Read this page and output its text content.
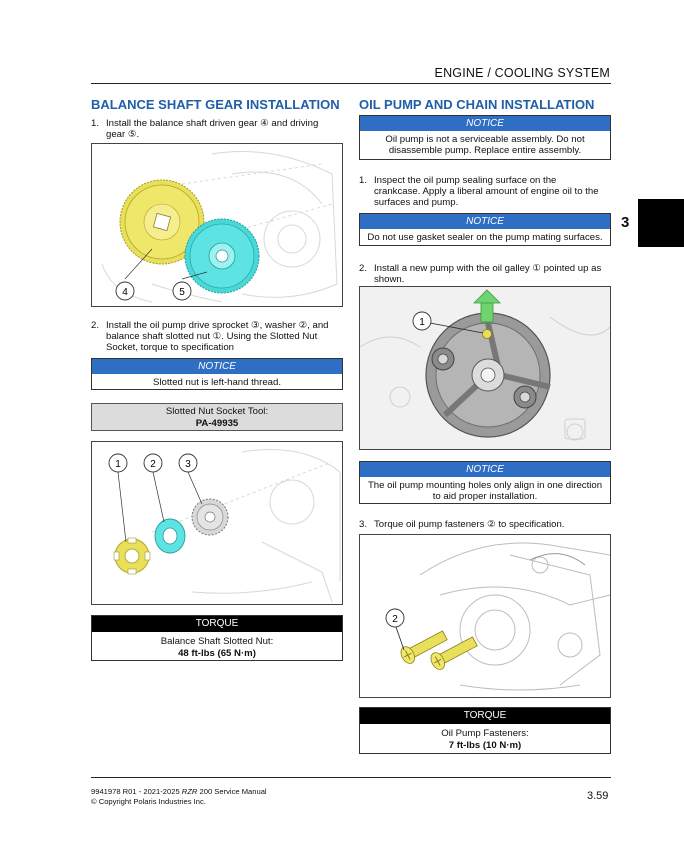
ENGINE / COOLING SYSTEM
3
BALANCE SHAFT GEAR INSTALLATION
1. Install the balance shaft driven gear ④ and driving
gear ⑤.
4	5
2. Install the oil pump drive sprocket ③, washer ②, and
balance shaft slotted nut ①. Using the Slotted Nut
Socket, torque to specification
NOTICE
Slotted nut is left-hand thread.
Slotted Nut Socket Tool:
PA-49935
1	2	3
TORQUE
Balance Shaft Slotted Nut:
48 ft-lbs (65 N·m)
OIL PUMP AND CHAIN INSTALLATION
NOTICE
Oil pump is not a serviceable assembly. Do not
disassemble pump. Replace entire assembly.
1. Inspect the oil pump sealing surface on the
crankcase. Apply a liberal amount of engine oil to the
surfaces and pump.
NOTICE
Do not use gasket sealer on the pump mating surfaces.
2. Install a new pump with the oil galley ① pointed up as
shown.
1
NOTICE
The oil pump mounting holes only align in one direction
to aid proper installation.
3. Torque oil pump fasteners ② to specification.
2
TORQUE
Oil Pump Fasteners:
7 ft-lbs (10 N·m)
9941978 R01 - 2021-2025 RZR 200 Service Manual
© Copyright Polaris Industries Inc.	3.59
